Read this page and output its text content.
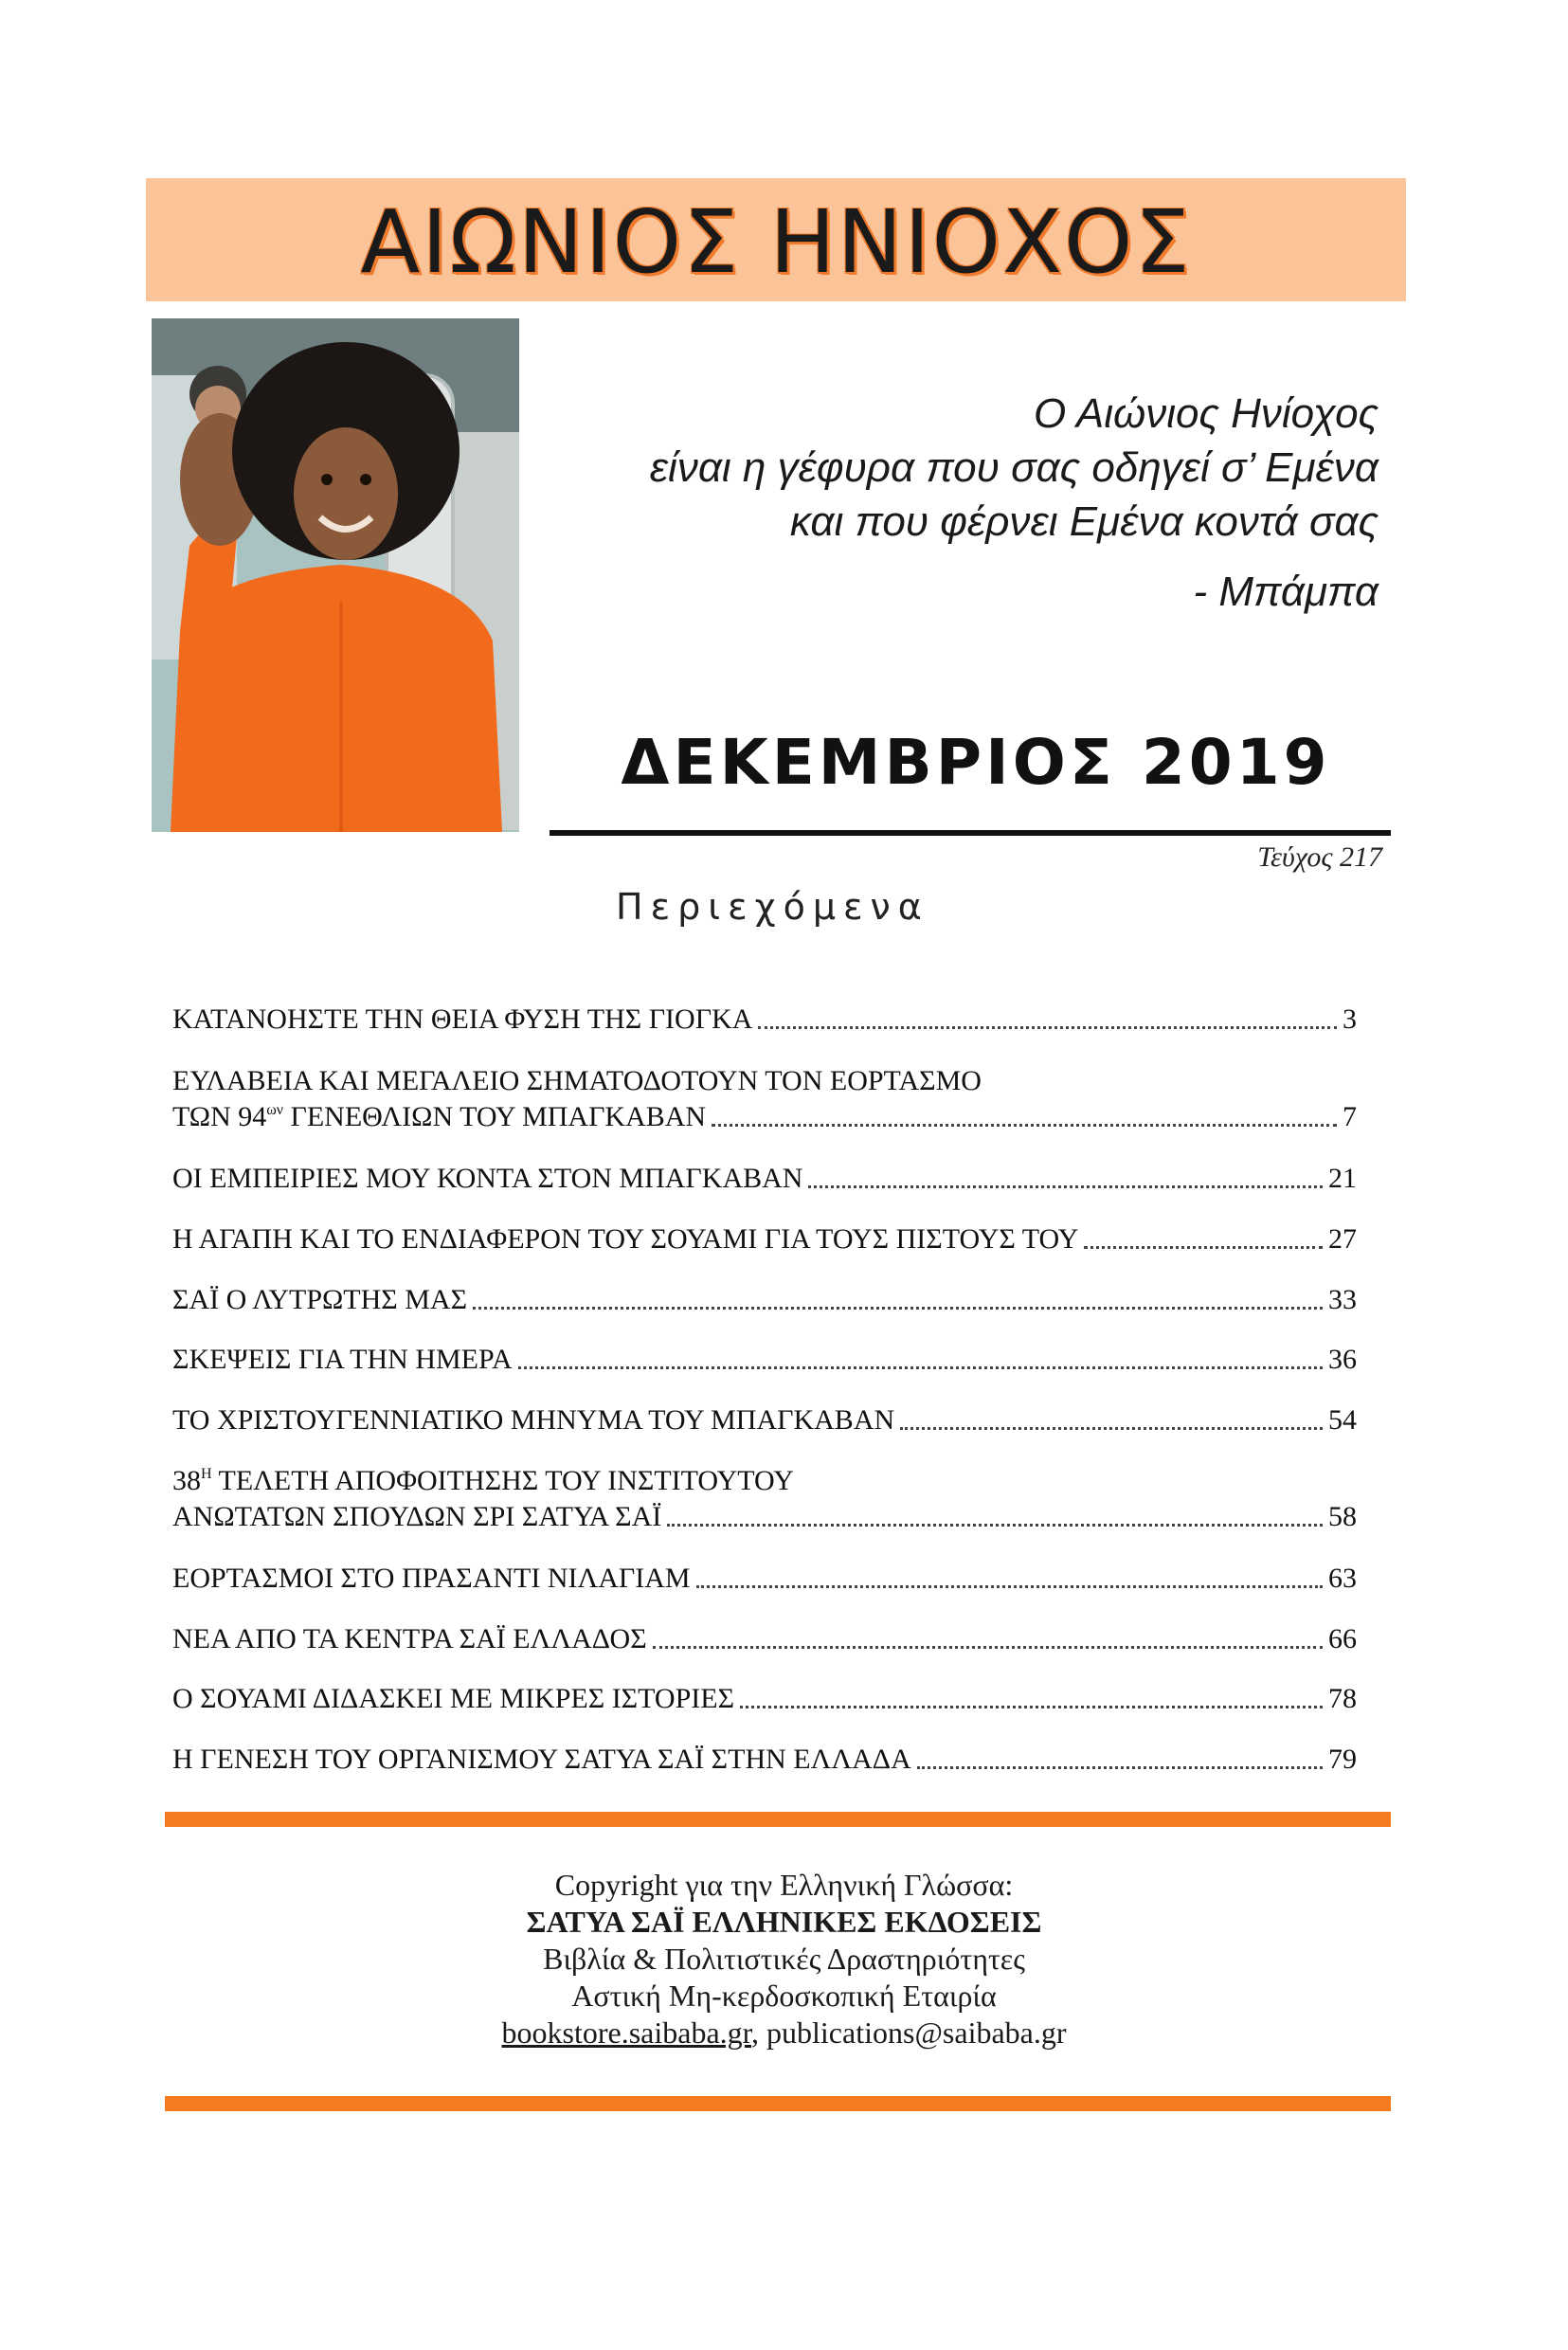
ΑΙΩΝΙΟΣ ΗΝΙΟΧΟΣ
Ο Αιώνιος Ηνίοχος
είναι η γέφυρα που σας οδηγεί σ’ Εμένα
και που φέρνει Εμένα κοντά σας
- Μπάμπα
ΔΕΚΕΜΒΡΙΟΣ 2019
Τεύχος 217
Περιεχόμενα
ΚΑΤΑΝΟΗΣΤΕ ΤΗΝ ΘΕΙΑ ΦΥΣΗ ΤΗΣ ΓΙΟΓΚΑ	3
ΕΥΛΑΒΕΙΑ ΚΑΙ ΜΕΓΑΛΕΙΟ ΣΗΜΑΤΟΔΟΤΟΥΝ ΤΟΝ ΕΟΡΤΑΣΜΟ
ΤΩΝ $94^{\omega\nu}$ ΓΕΝΕΘΛΙΩΝ ΤΟΥ ΜΠΑΓΚΑΒΑΝ	7
ΟΙ ΕΜΠΕΙΡΙΕΣ ΜΟΥ ΚΟΝΤΑ ΣΤΟΝ ΜΠΑΓΚΑΒΑΝ	21
Η ΑΓΑΠΗ ΚΑΙ ΤΟ ΕΝΔΙΑΦΕΡΟΝ ΤΟΥ ΣΟΥΑΜΙ ΓΙΑ ΤΟΥΣ ΠΙΣΤΟΥΣ ΤΟΥ	27
ΣΑΪ Ο ΛΥΤΡΩΤΗΣ ΜΑΣ	33
ΣΚΕΨΕΙΣ ΓΙΑ ΤΗΝ ΗΜΕΡΑ	36
ΤΟ ΧΡΙΣΤΟΥΓΕΝΝΙΑΤΙΚΟ ΜΗΝΥΜΑ ΤΟΥ ΜΠΑΓΚΑΒΑΝ	54
$38^H$ ΤΕΛΕΤΗ ΑΠΟΦΟΙΤΗΣΗΣ ΤΟΥ ΙΝΣΤΙΤΟΥΤΟΥ
ΑΝΩΤΑΤΩΝ ΣΠΟΥΔΩΝ ΣΡΙ ΣΑΤΥΑ ΣΑΪ	58
ΕΟΡΤΑΣΜΟΙ ΣΤΟ ΠΡΑΣΑΝΤΙ ΝΙΛΑΓΙΑΜ	63
ΝΕΑ ΑΠΟ ΤΑ ΚΕΝΤΡΑ ΣΑΪ ΕΛΛΑΔΟΣ	66
Ο ΣΟΥΑΜΙ ΔΙΔΑΣΚΕΙ ΜΕ ΜΙΚΡΕΣ ΙΣΤΟΡΙΕΣ	78
Η ΓΕΝΕΣΗ ΤΟΥ ΟΡΓΑΝΙΣΜΟΥ ΣΑΤΥΑ ΣΑΪ ΣΤΗΝ ΕΛΛΑΔΑ	79
Copyright για την Ελληνική Γλώσσα:
ΣΑΤΥΑ ΣΑΪ ΕΛΛΗΝΙΚΕΣ ΕΚΔΟΣΕΙΣ
Βιβλία & Πολιτιστικές Δραστηριότητες
Αστική Μη-κερδοσκοπική Εταιρία
bookstore.saibaba.gr, publications@saibaba.gr
